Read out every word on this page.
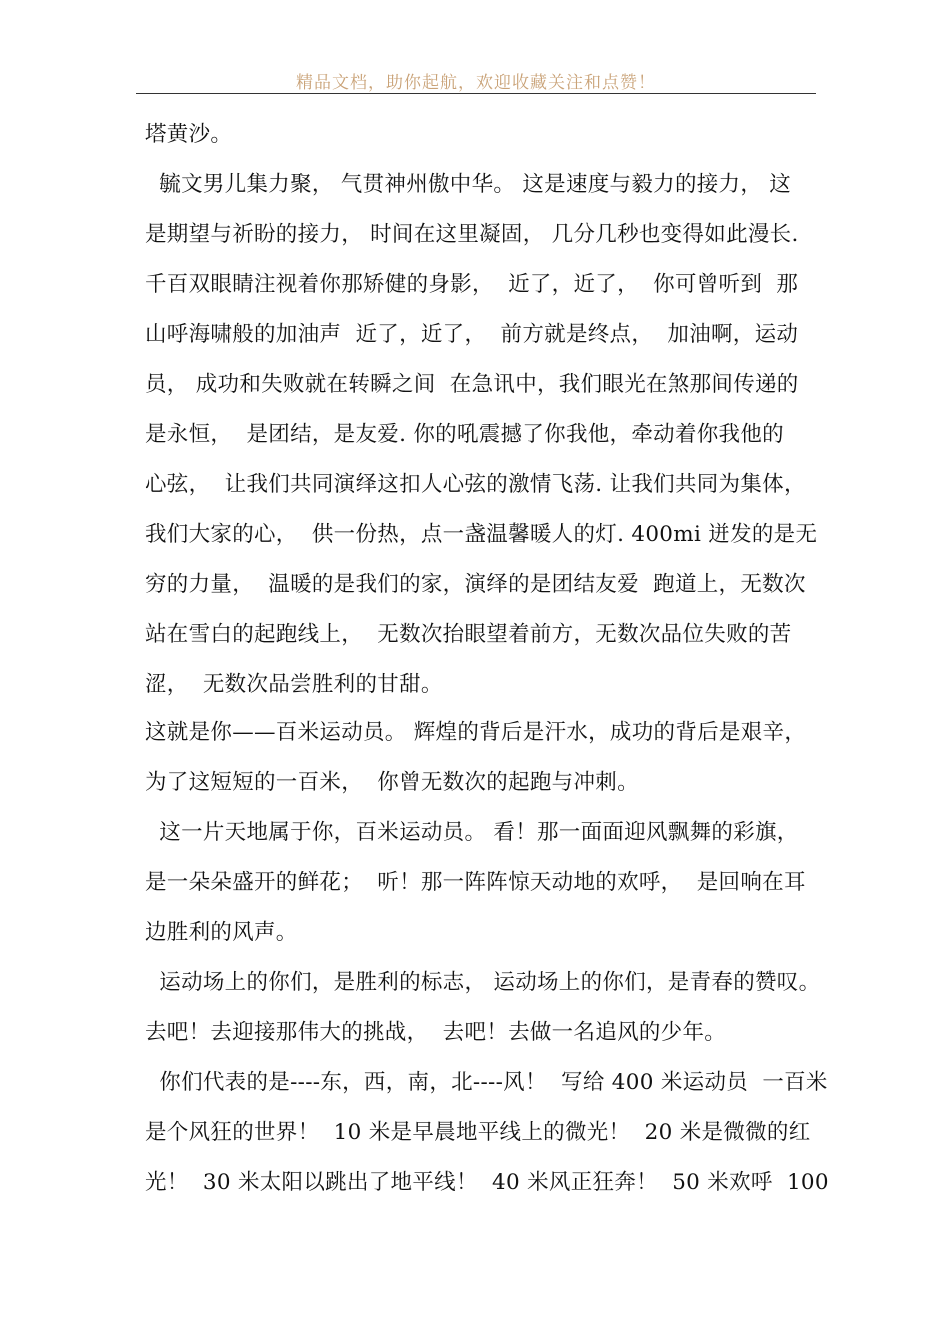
精品文档，助你起航，欢迎收藏关注和点赞！
塔黄沙。
毓文男儿集力聚， 气贯神州傲中华。 这是速度与毅力的接力， 这
是期望与祈盼的接力， 时间在这里凝固， 几分几秒也变得如此漫长.
千百双眼睛注视着你那矫健的身影，  近了，近了，  你可曾听到  那
山呼海啸般的加油声  近了，近了，  前方就是终点，  加油啊，运动
员， 成功和失败就在转瞬之间  在急讯中，我们眼光在煞那间传递的
是永恒，  是团结，是友爱. 你的吼震撼了你我他，牵动着你我他的
心弦，  让我们共同演绎这扣人心弦的激情飞荡. 让我们共同为集体，
我们大家的心，  供一份热，点一盏温馨暖人的灯. 400mi 迸发的是无
穷的力量，  温暖的是我们的家，演绎的是团结友爱  跑道上，无数次
站在雪白的起跑线上，  无数次抬眼望着前方，无数次品位失败的苦
涩，  无数次品尝胜利的甘甜。
这就是你——百米运动员。 辉煌的背后是汗水，成功的背后是艰辛，
为了这短短的一百米，  你曾无数次的起跑与冲刺。
这一片天地属于你，百米运动员。 看！那一面面迎风飘舞的彩旗，
是一朵朵盛开的鲜花；  听！那一阵阵惊天动地的欢呼，  是回响在耳
边胜利的风声。
运动场上的你们，是胜利的标志， 运动场上的你们，是青春的赞叹。
去吧！去迎接那伟大的挑战，  去吧！去做一名追风的少年。
你们代表的是----东，西，南，北----风！  写给 400 米运动员  一百米
是个风狂的世界！  10 米是早晨地平线上的微光！  20 米是微微的红
光！  30 米太阳以跳出了地平线！  40 米风正狂奔！  50 米欢呼  100
